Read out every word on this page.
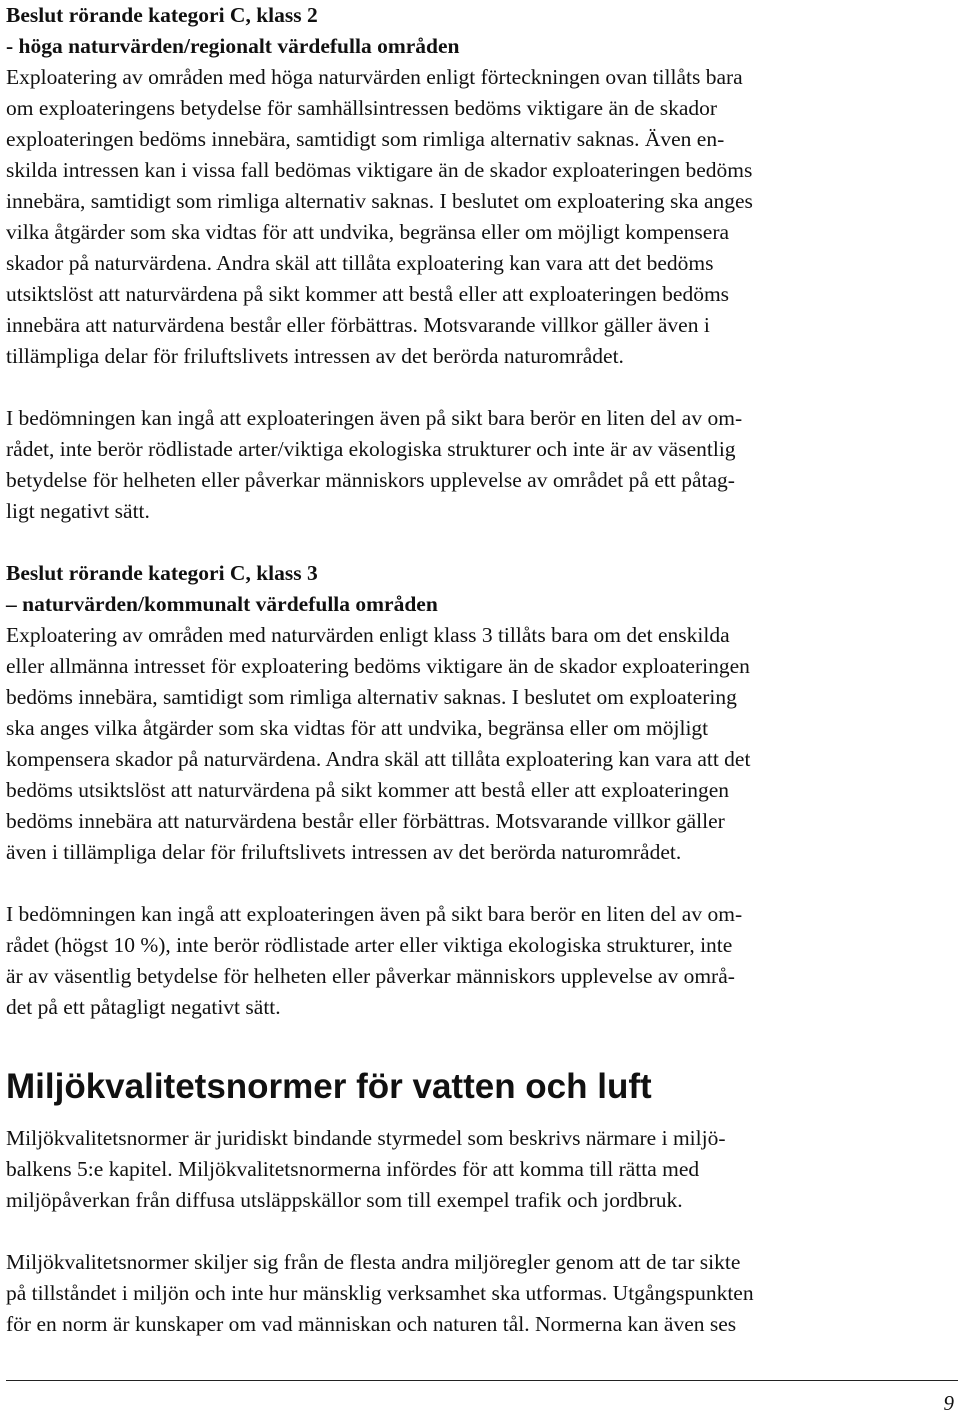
Beslut rörande kategori C, klass 2
- höga naturvärden/regionalt värdefulla områden

Exploatering av områden med höga naturvärden enligt förteckningen ovan tillåts bara
om exploateringens betydelse för samhällsintressen bedöms viktigare än de skador
exploateringen bedöms innebära, samtidigt som rimliga alternativ saknas. Även en-
skilda intressen kan i vissa fall bedömas viktigare än de skador exploateringen bedöms
innebära, samtidigt som rimliga alternativ saknas. I beslutet om exploatering ska anges
vilka åtgärder som ska vidtas för att undvika, begränsa eller om möjligt kompensera
skador på naturvärdena. Andra skäl att tillåta exploatering kan vara att det bedöms
utsiktslöst att naturvärdena på sikt kommer att bestå eller att exploateringen bedöms
innebära att naturvärdena består eller förbättras. Motsvarande villkor gäller även i
tillämpliga delar för friluftslivets intressen av det berörda naturområdet.

I bedömningen kan ingå att exploateringen även på sikt bara berör en liten del av om-
rådet, inte berör rödlistade arter/viktiga ekologiska strukturer och inte är av väsentlig
betydelse för helheten eller påverkar människors upplevelse av området på ett påtag-
ligt negativt sätt.

Beslut rörande kategori C, klass 3
– naturvärden/kommunalt värdefulla områden

Exploatering av områden med naturvärden enligt klass 3 tillåts bara om det enskilda
eller allmänna intresset för exploatering bedöms viktigare än de skador exploateringen
bedöms innebära, samtidigt som rimliga alternativ saknas. I beslutet om exploatering
ska anges vilka åtgärder som ska vidtas för att undvika, begränsa eller om möjligt
kompensera skador på naturvärdena. Andra skäl att tillåta exploatering kan vara att det
bedöms utsiktslöst att naturvärdena på sikt kommer att bestå eller att exploateringen
bedöms innebära att naturvärdena består eller förbättras. Motsvarande villkor gäller
även i tillämpliga delar för friluftslivets intressen av det berörda naturområdet.

I bedömningen kan ingå att exploateringen även på sikt bara berör en liten del av om-
rådet (högst 10 %), inte berör rödlistade arter eller viktiga ekologiska strukturer, inte
är av väsentlig betydelse för helheten eller påverkar människors upplevelse av områ-
det på ett påtagligt negativt sätt.

Miljökvalitetsnormer för vatten och luft

Miljökvalitetsnormer är juridiskt bindande styrmedel som beskrivs närmare i miljö-
balkens 5:e kapitel. Miljökvalitetsnormerna infördes för att komma till rätta med
miljöpåverkan från diffusa utsläppskällor som till exempel trafik och jordbruk.

Miljökvalitetsnormer skiljer sig från de flesta andra miljöregler genom att de tar sikte
på tillståndet i miljön och inte hur mänsklig verksamhet ska utformas. Utgångspunkten
för en norm är kunskaper om vad människan och naturen tål. Normerna kan även ses

9
